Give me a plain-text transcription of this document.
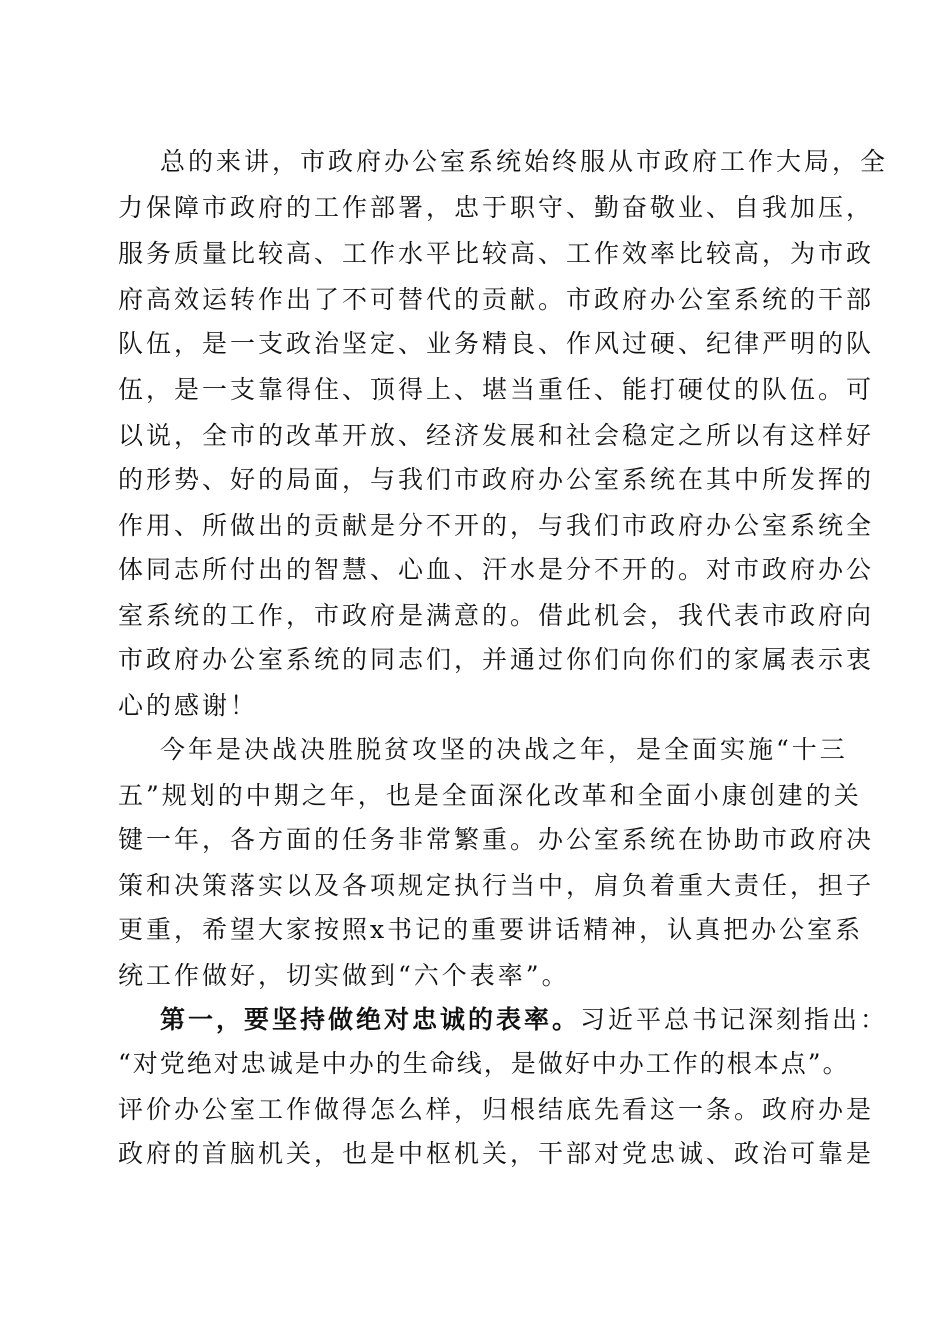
总的来讲，市政府办公室系统始终服从市政府工作大局，全
力保障市政府的工作部署，忠于职守、勤奋敬业、自我加压，
服务质量比较高、工作水平比较高、工作效率比较高，为市政
府高效运转作出了不可替代的贡献。市政府办公室系统的干部
队伍，是一支政治坚定、业务精良、作风过硬、纪律严明的队
伍，是一支靠得住、顶得上、堪当重任、能打硬仗的队伍。可
以说，全市的改革开放、经济发展和社会稳定之所以有这样好
的形势、好的局面，与我们市政府办公室系统在其中所发挥的
作用、所做出的贡献是分不开的，与我们市政府办公室系统全
体同志所付出的智慧、心血、汗水是分不开的。对市政府办公
室系统的工作，市政府是满意的。借此机会，我代表市政府向
市政府办公室系统的同志们，并通过你们向你们的家属表示衷
心的感谢！
今年是决战决胜脱贫攻坚的决战之年，是全面实施“十三
五”规划的中期之年，也是全面深化改革和全面小康创建的关
键一年，各方面的任务非常繁重。办公室系统在协助市政府决
策和决策落实以及各项规定执行当中，肩负着重大责任，担子
更重，希望大家按照x书记的重要讲话精神，认真把办公室系
统工作做好，切实做到“六个表率”。
第一，要坚持做绝对忠诚的表率。习近平总书记深刻指出：
“对党绝对忠诚是中办的生命线，是做好中办工作的根本点”。
评价办公室工作做得怎么样，归根结底先看这一条。政府办是
政府的首脑机关，也是中枢机关，干部对党忠诚、政治可靠是
